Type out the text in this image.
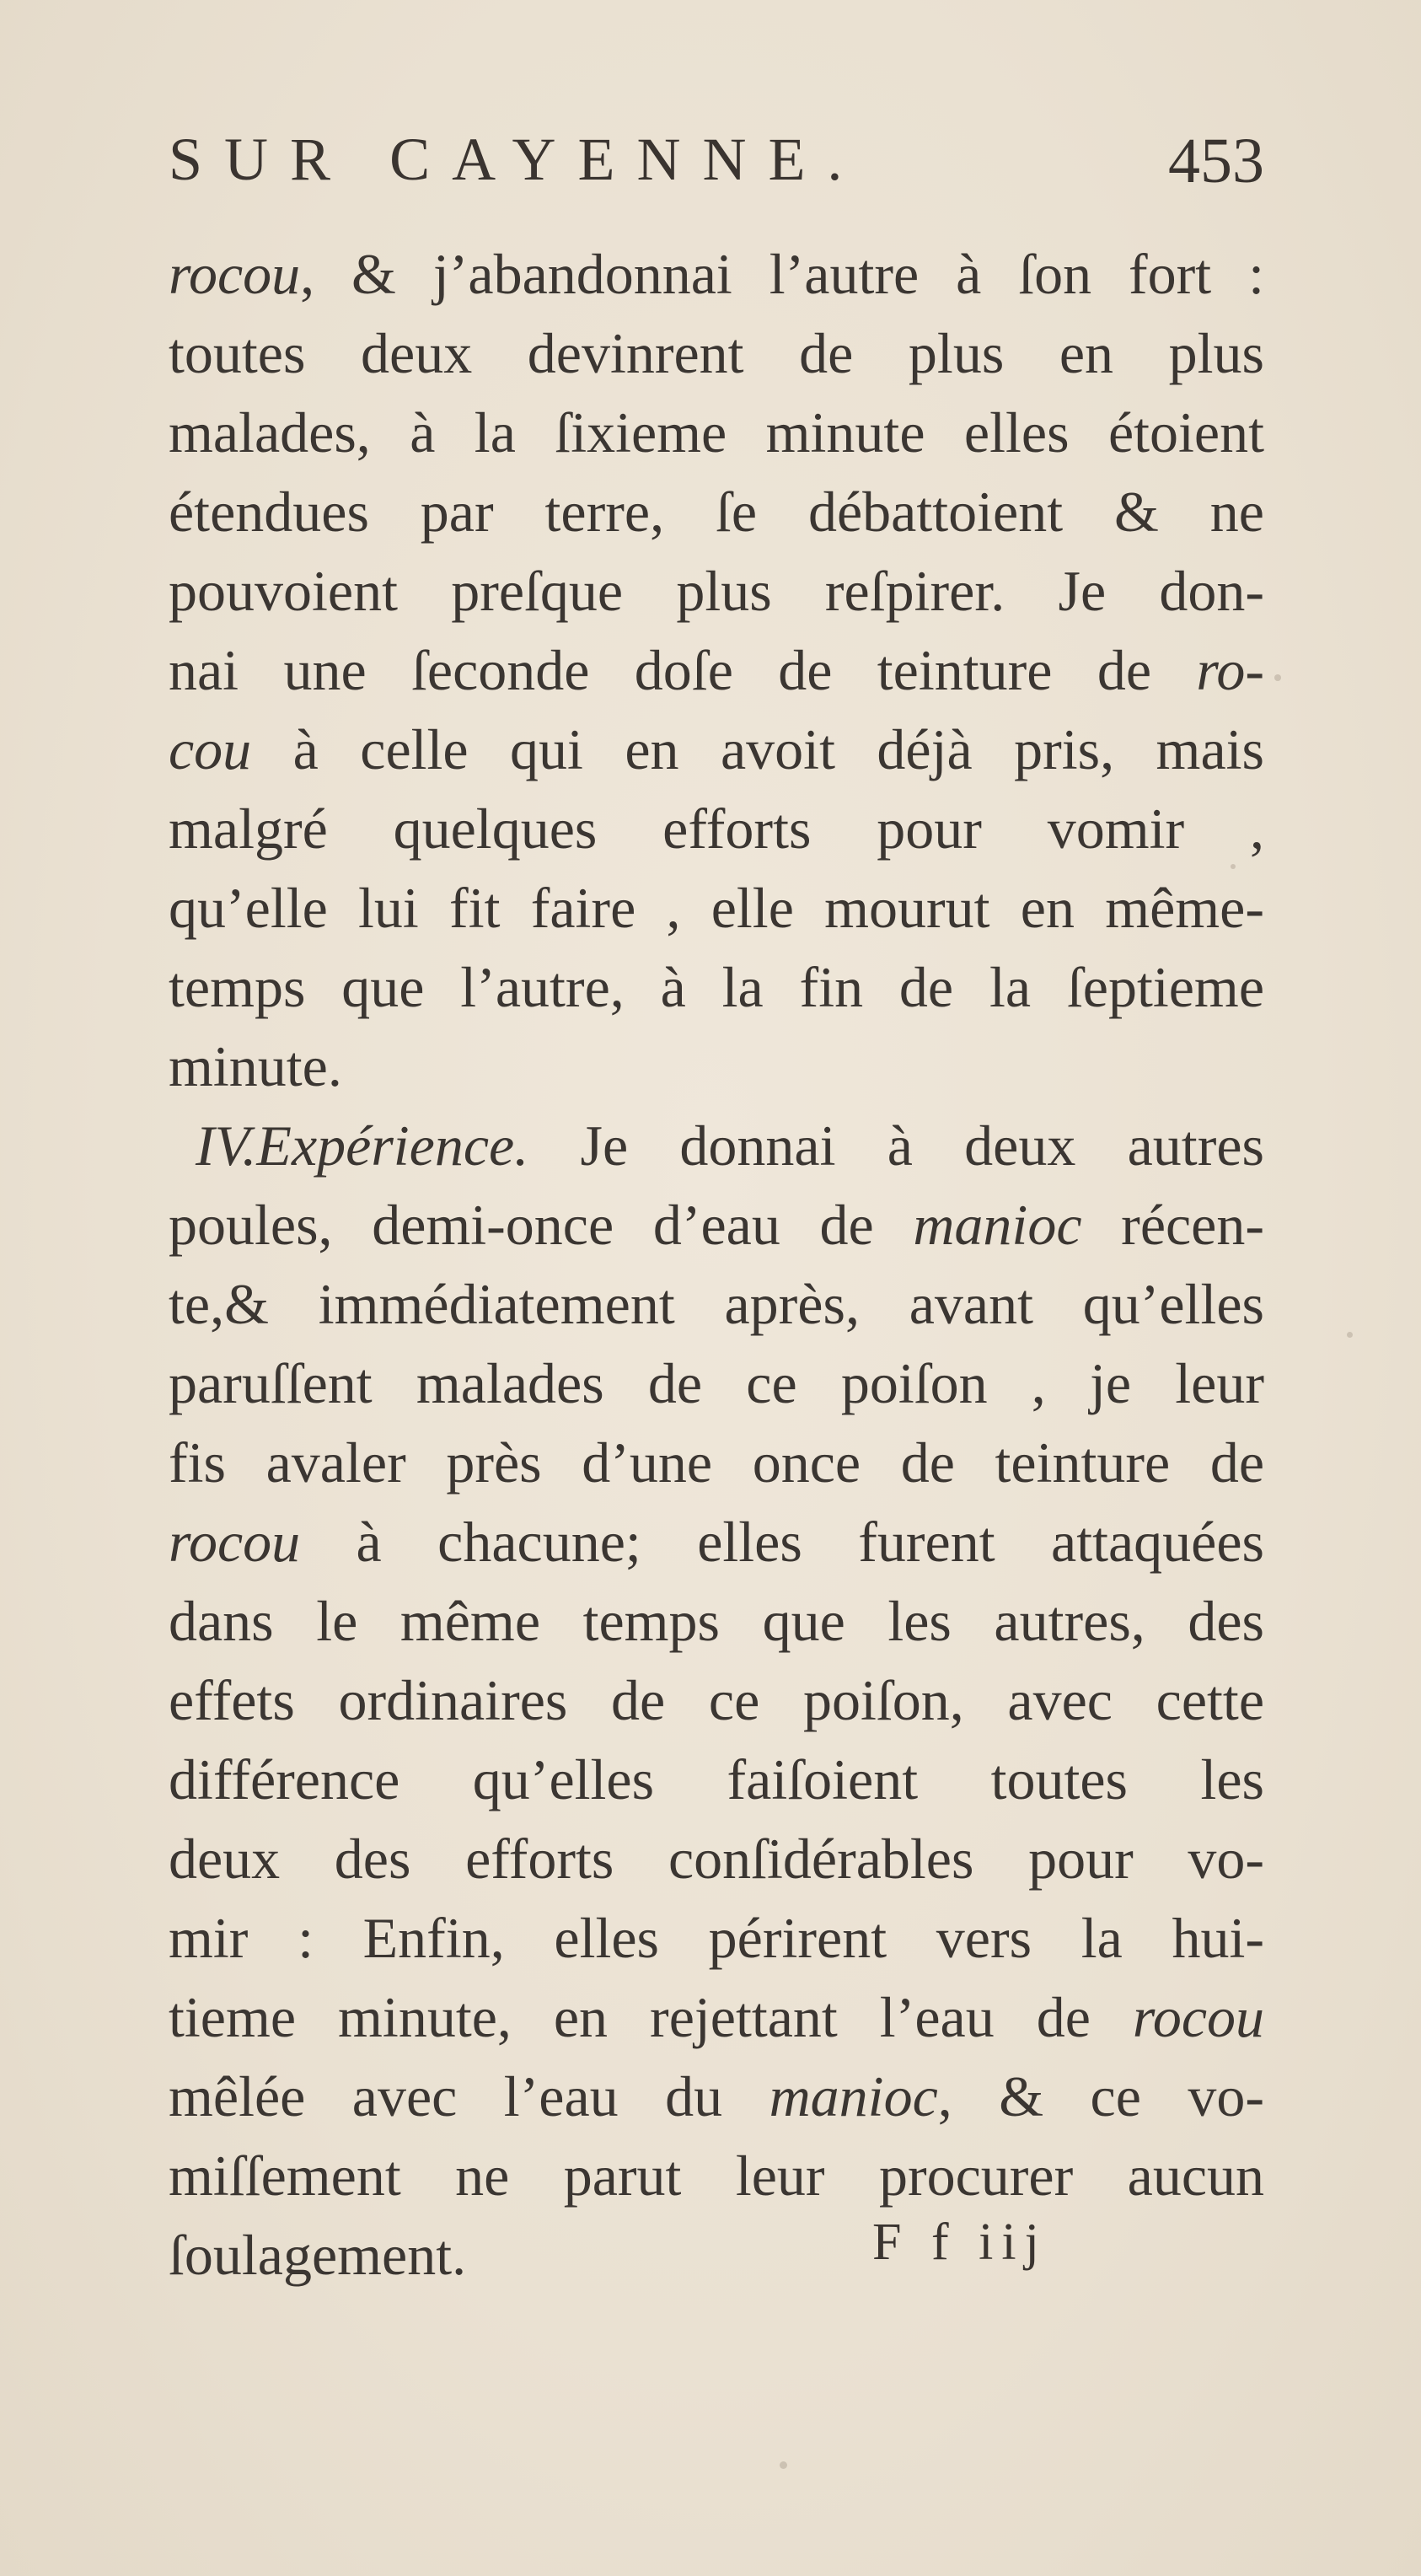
SUR CAYENNE.	453
rocou, & j’abandonnai l’autre à ſon fort :
toutes deux devinrent de plus en plus
malades, à la ſixieme minute elles étoient
étendues par terre, ſe débattoient & ne
pouvoient preſque plus reſpirer. Je don-
nai une ſeconde doſe de teinture de ro-
cou à celle qui en avoit déjà pris, mais
malgré quelques efforts pour vomir ,
qu’elle lui fit faire , elle mourut en même-
temps que l’autre, à la fin de la ſeptieme
minute.
IV.Expérience. Je donnai à deux autres
poules, demi-once d’eau de manioc récen-
te,& immédiatement après, avant qu’elles
paruſſent malades de ce poiſon , je leur
fis avaler près d’une once de teinture de
rocou à chacune; elles furent attaquées
dans le même temps que les autres, des
effets ordinaires de ce poiſon, avec cette
différence qu’elles faiſoient toutes les
deux des efforts conſidérables pour vo-
mir : Enfin, elles périrent vers la hui-
tieme minute, en rejettant l’eau de rocou
mêlée avec l’eau du manioc, & ce vo-
miſſement ne parut leur procurer aucun
ſoulagement.	F f iij
